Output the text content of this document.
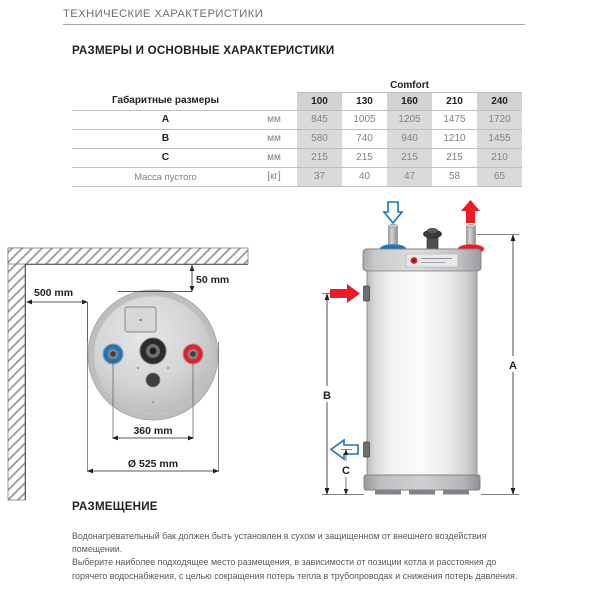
ТЕХНИЧЕСКИЕ ХАРАКТЕРИСТИКИ
РАЗМЕРЫ И ОСНОВНЫЕ ХАРАКТЕРИСТИКИ
		Comfort				
Габаритные размеры		100	130	160	210	240
A	мм	845	1005	1205	1475	1720
B	мм	580	740	940	1210	1455
C	мм	215	215	215	215	210
Масса пустого	[кг]	37	40	47	58	65
50 mm
500 mm
360 mm
Ø 525 mm
A
B
C
РАЗМЕЩЕНИЕ

Водонагревательный бак должен быть установлен в сухом и защищенном от внешнего воздействия помещении.

Выберите наиболее подходящее место размещения, в зависимости от позиции котла и расстояния до горячего водоснабжения, с целью сокращения потерь тепла в трубопроводах и снижения потерь давления.
